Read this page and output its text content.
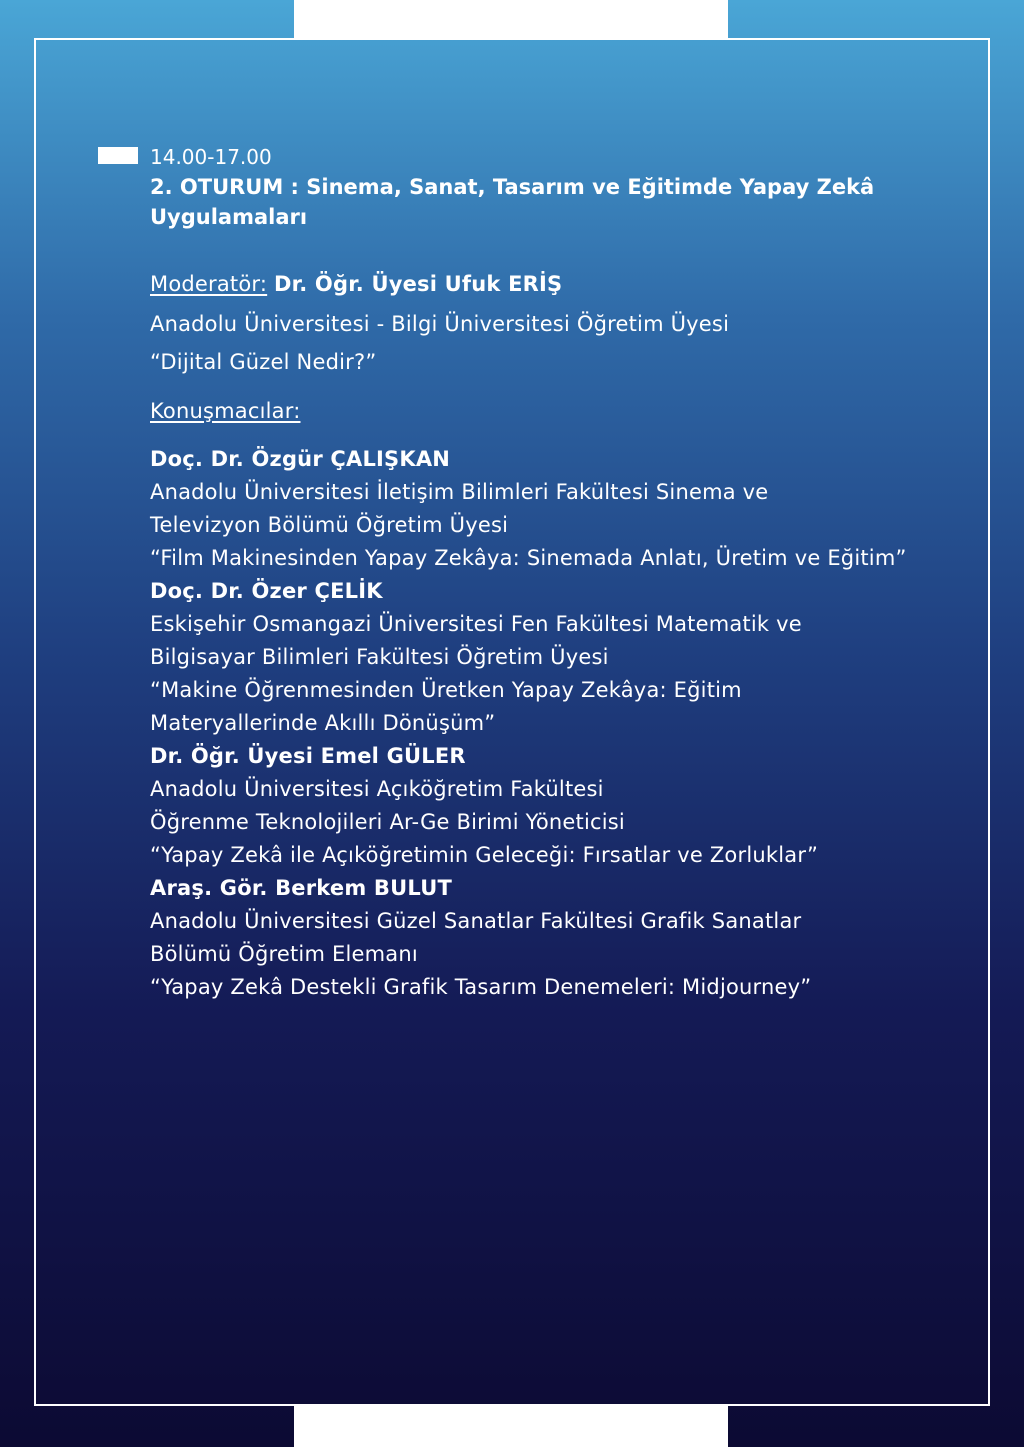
14.00-17.00
2. OTURUM : Sinema, Sanat, Tasarım ve Eğitimde Yapay Zekâ
Uygulamaları
Moderatör: Dr. Öğr. Üyesi Ufuk ERİŞ
Anadolu Üniversitesi - Bilgi Üniversitesi Öğretim Üyesi
“Dijital Güzel Nedir?”
Konuşmacılar:
Doç. Dr. Özgür ÇALIŞKAN
Anadolu Üniversitesi İletişim Bilimleri Fakültesi Sinema ve
Televizyon Bölümü Öğretim Üyesi
“Film Makinesinden Yapay Zekâya: Sinemada Anlatı, Üretim ve Eğitim”
Doç. Dr. Özer ÇELİK
Eskişehir Osmangazi Üniversitesi Fen Fakültesi Matematik ve
Bilgisayar Bilimleri Fakültesi Öğretim Üyesi
“Makine Öğrenmesinden Üretken Yapay Zekâya: Eğitim
Materyallerinde Akıllı Dönüşüm”
Dr. Öğr. Üyesi Emel GÜLER
Anadolu Üniversitesi Açıköğretim Fakültesi
Öğrenme Teknolojileri Ar-Ge Birimi Yöneticisi
“Yapay Zekâ ile Açıköğretimin Geleceği: Fırsatlar ve Zorluklar”
Araş. Gör. Berkem BULUT
Anadolu Üniversitesi Güzel Sanatlar Fakültesi Grafik Sanatlar
Bölümü Öğretim Elemanı
“Yapay Zekâ Destekli Grafik Tasarım Denemeleri: Midjourney”
